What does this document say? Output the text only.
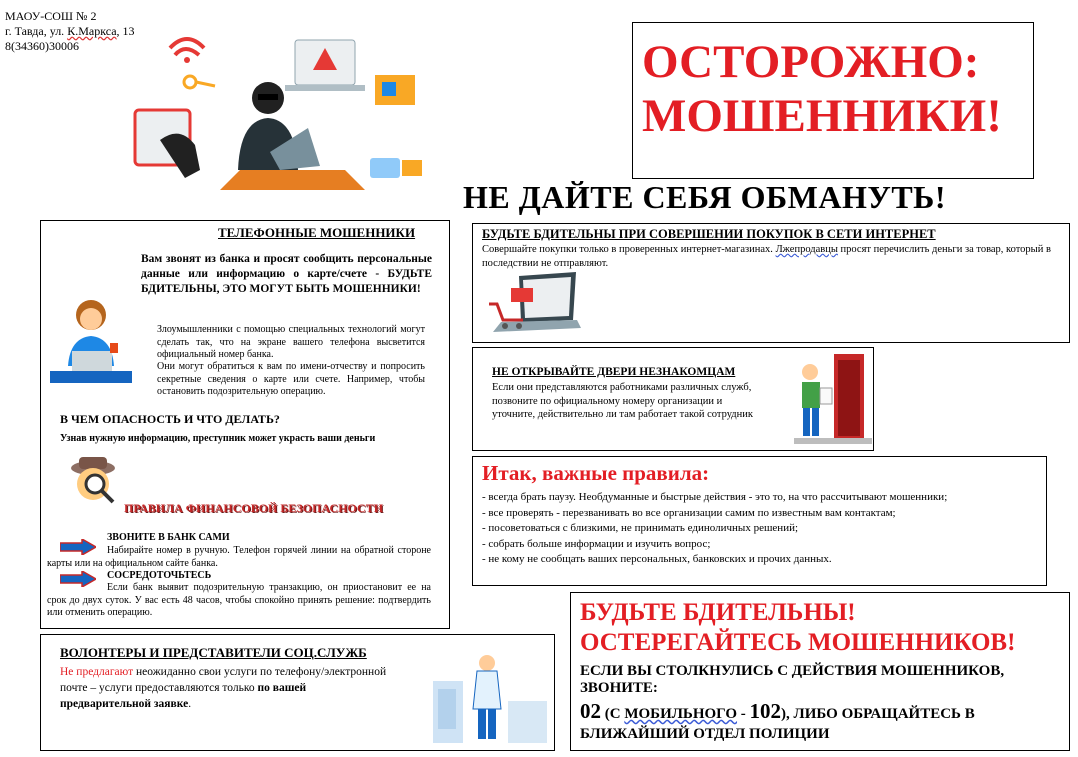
МАОУ-СОШ № 2
г. Тавда, ул. К.Маркса, 13
8(34360)30006	ОСТОРОЖНО:
МОШЕННИКИ!
НЕ ДАЙТЕ СЕБЯ ОБМАНУТЬ!
ТЕЛЕФОННЫЕ МОШЕННИКИ
Вам звонят из банка и просят сообщить персональные данные или информацию о карте/счете - БУДЬТЕ БДИТЕЛЬНЫ, ЭТО МОГУТ БЫТЬ МОШЕННИКИ!
Злоумышленники с помощью специальных технологий могут сделать так, что на экране вашего телефона высветится официальный номер банка.
Они могут обратиться к вам по имени-отчеству и попросить секретные сведения о карте или счете. Например, чтобы остановить подозрительную операцию.
В ЧЕМ ОПАСНОСТЬ И ЧТО ДЕЛАТЬ?
Узнав нужную информацию, преступник может украсть ваши деньги
ПРАВИЛА ФИНАНСОВОЙ БЕЗОПАСНОСТИ
ЗВОНИТЕ В БАНК САМИ
Набирайте номер в ручную. Телефон горячей линии на обратной стороне карты или на официальном сайте банка.
СОСРЕДОТОЧЬТЕСЬ
Если банк выявит подозрительную транзакцию, он приостановит ее на срок до двух суток. У вас есть 48 часов, чтобы спокойно принять решение: подтвердить или отменить операцию.
ВОЛОНТЕРЫ И ПРЕДСТАВИТЕЛИ СОЦ.СЛУЖБ
Не предлагают неожиданно свои услуги по телефону/электронной почте – услуги предоставляются только по вашей предварительной заявке.
БУДЬТЕ БДИТЕЛЬНЫ ПРИ СОВЕРШЕНИИ ПОКУПОК В СЕТИ ИНТЕРНЕТ
Совершайте покупки только в проверенных интернет-магазинах. Лжепродавцы просят перечислить деньги за товар, который в последствии не отправляют.
НЕ ОТКРЫВАЙТЕ ДВЕРИ НЕЗНАКОМЦАМ
Если они представляются работниками различных служб, позвоните по официальному номеру организации и уточните, действительно ли там работает такой сотрудник
Итак, важные правила:
- всегда брать паузу. Необдуманные и быстрые действия - это то, на что рассчитывают мошенники;
- все проверять - перезванивать во все организации самим по известным вам контактам;
- посоветоваться с близкими, не принимать единоличных решений;
- собрать больше информации и изучить вопрос;
- не кому не сообщать ваших персональных, банковских и прочих данных.
БУДЬТЕ БДИТЕЛЬНЫ!
ОСТЕРЕГАЙТЕСЬ МОШЕННИКОВ!
ЕСЛИ ВЫ СТОЛКНУЛИСЬ С ДЕЙСТВИЯ МОШЕННИКОВ, ЗВОНИТЕ:
02 (С МОБИЛЬНОГО - 102), ЛИБО ОБРАЩАЙТЕСЬ В БЛИЖАЙШИЙ ОТДЕЛ ПОЛИЦИИ
